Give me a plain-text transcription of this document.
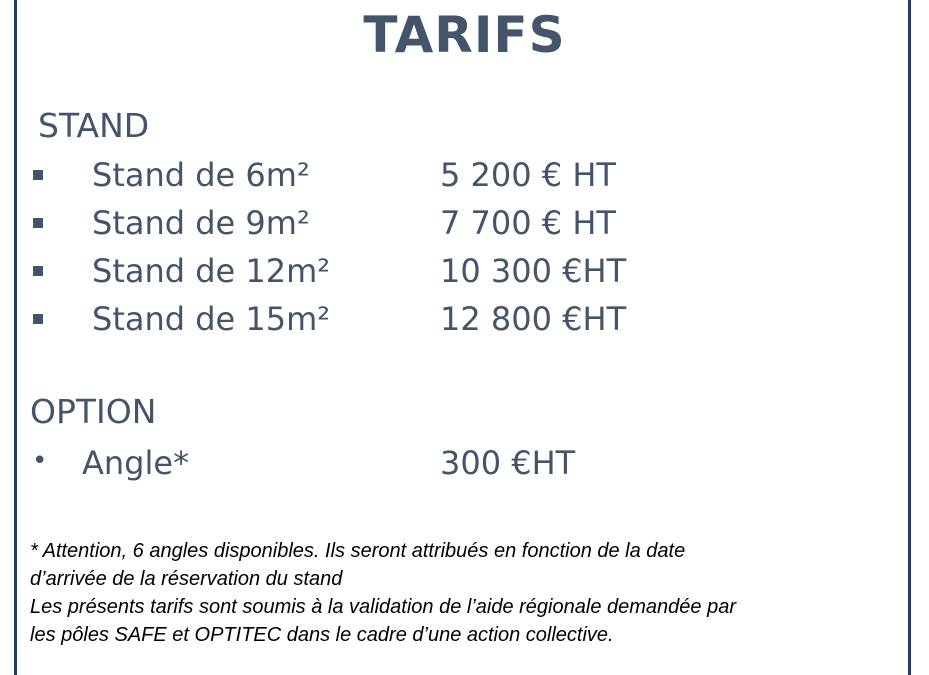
TARIFS
STAND
Stand de 6m²	5 200 € HT
Stand de 9m²	7 700 € HT
Stand de 12m²	10 300 €HT
Stand de 15m²	12 800 €HT
OPTION
• Angle*	300 €HT
* Attention, 6 angles disponibles. Ils seront attribués en fonction de la date
d’arrivée de la réservation du stand
Les présents tarifs sont soumis à la validation de l’aide régionale demandée par
les pôles SAFE et OPTITEC dans le cadre d’une action collective.
